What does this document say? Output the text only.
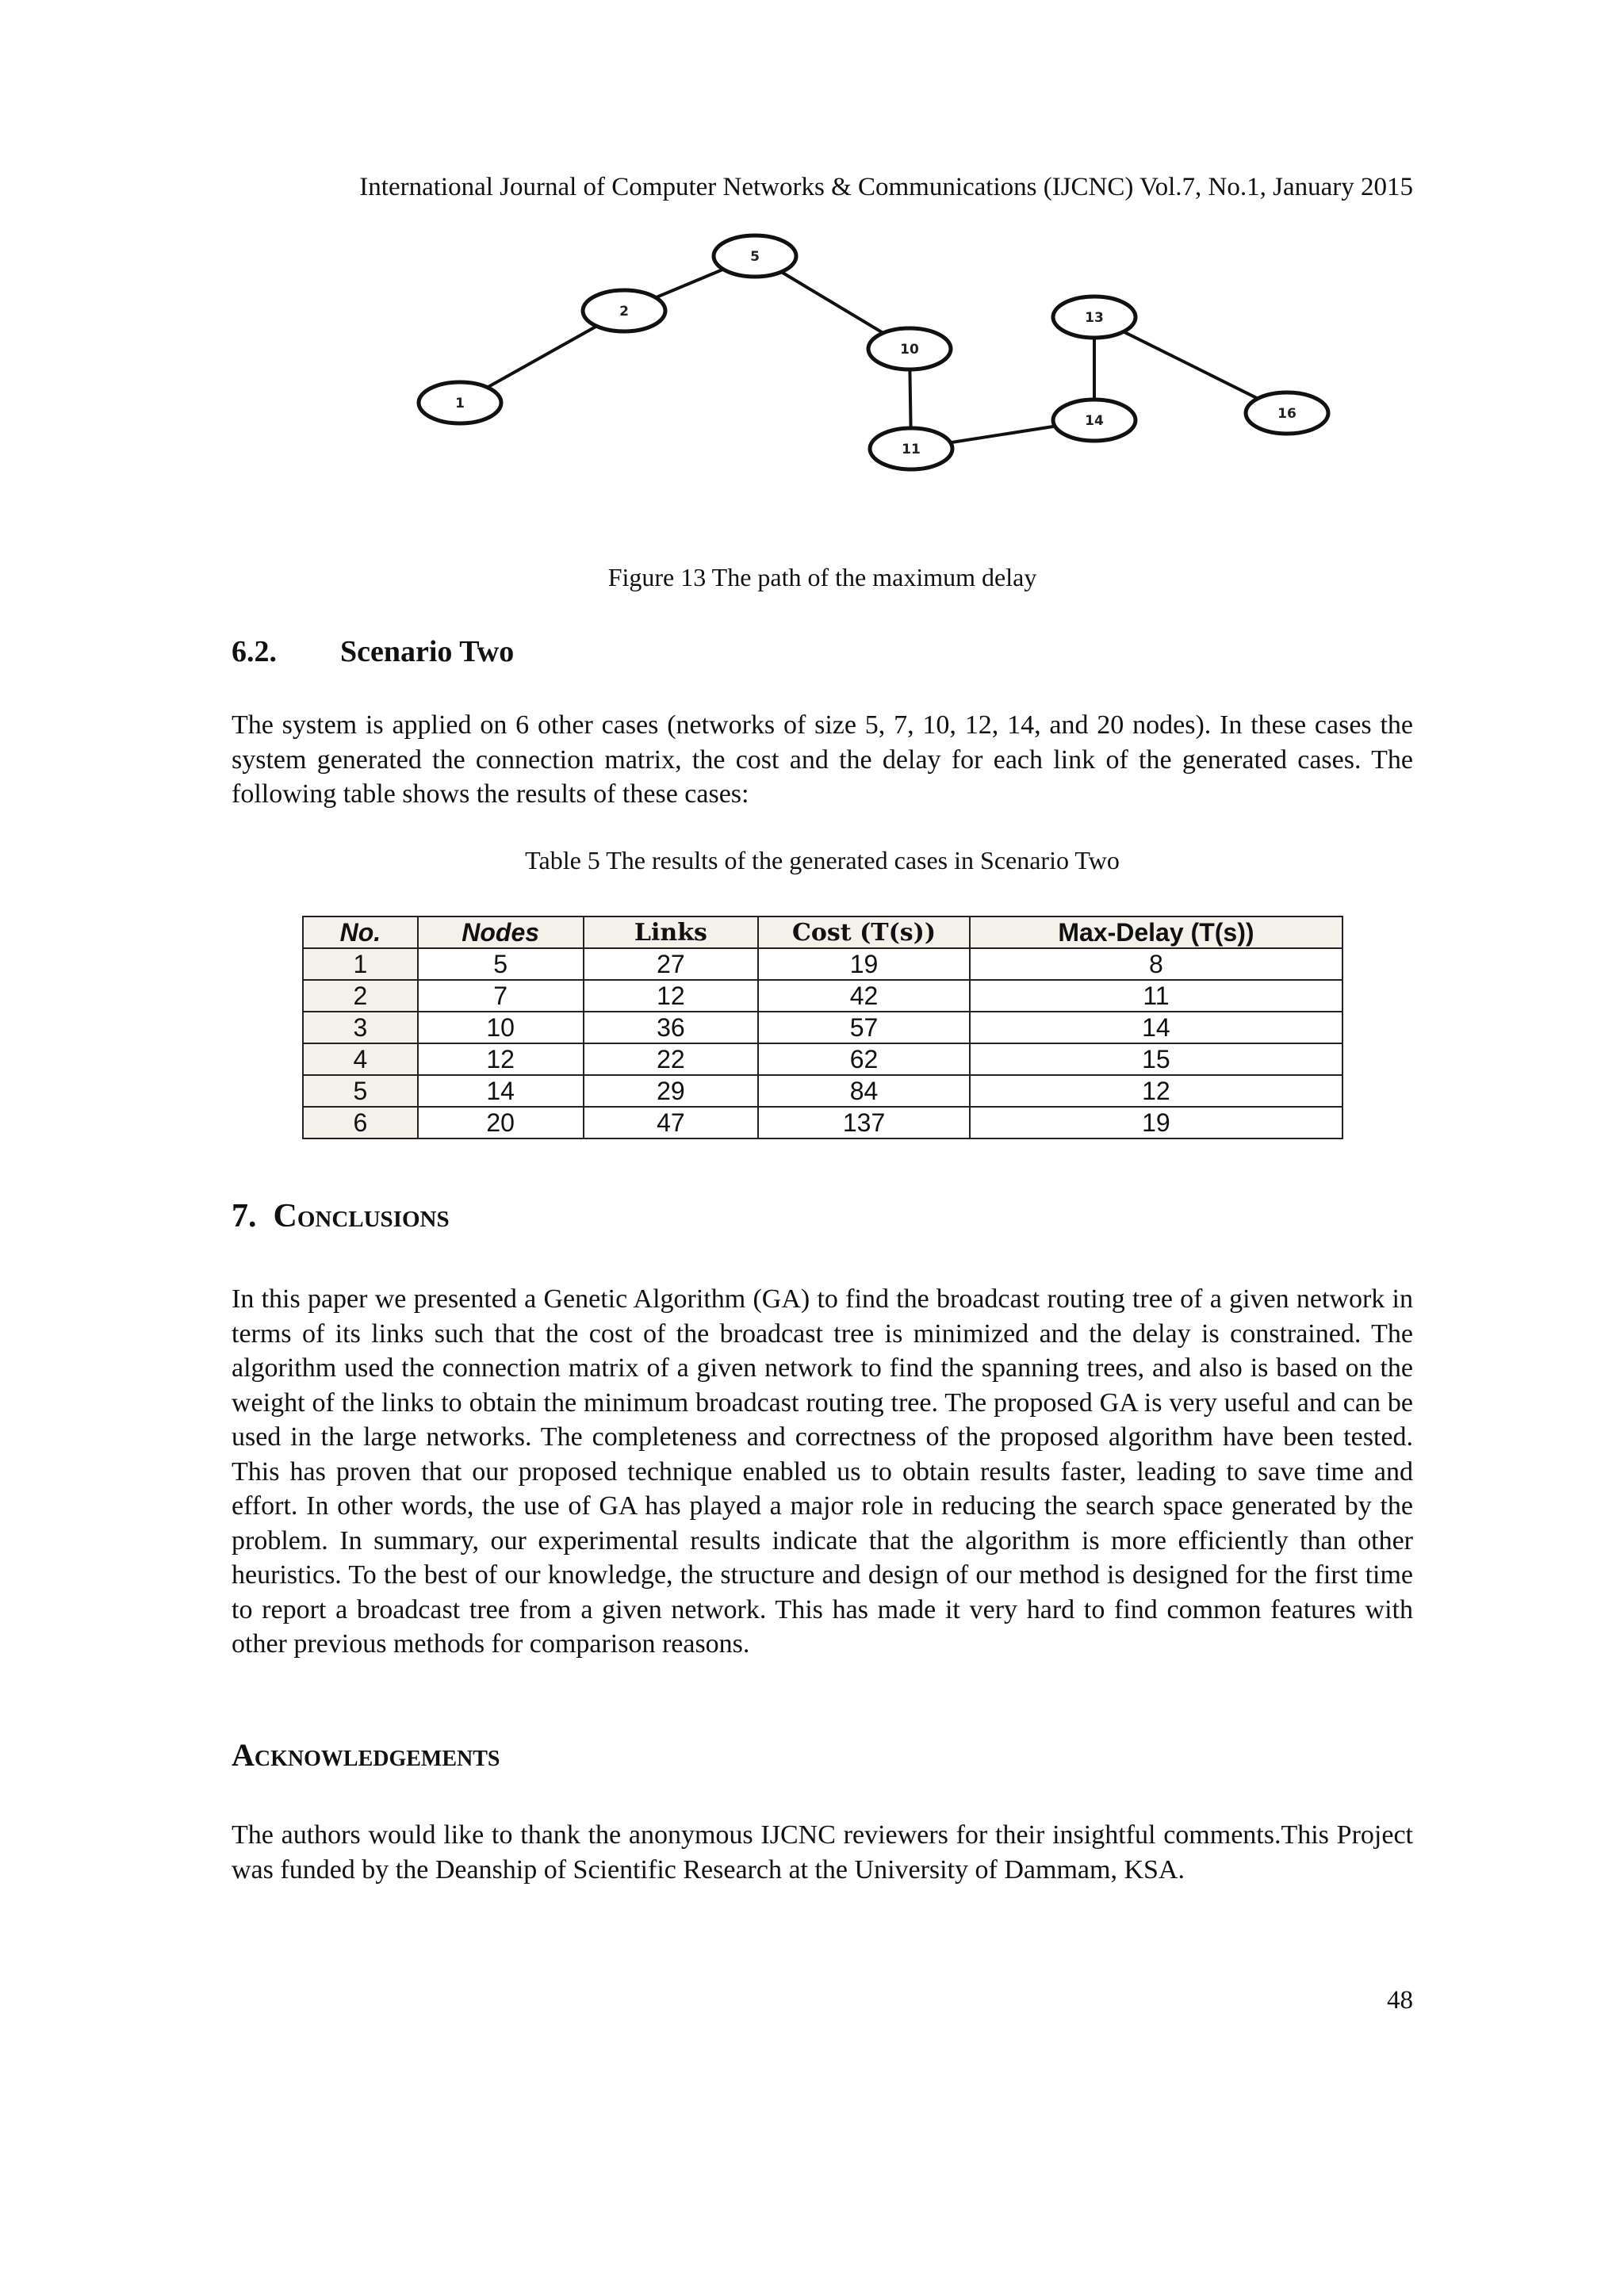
International Journal of Computer Networks & Communications (IJCNC) Vol.7, No.1, January 2015
1
2
5
10
11
14
13
16
Figure 13 The path of the maximum delay
6.2. Scenario Two
The system is applied on 6 other cases (networks of size 5, 7, 10, 12, 14, and 20 nodes). In these cases the system generated the connection matrix, the cost and the delay for each link of the generated cases. The following table shows the results of these cases:
Table 5 The results of the generated cases in Scenario Two
No.	Nodes	Links	Cost (T(s))	Max-Delay (T(s))
1	5	27	19	8
2	7	12	42	11
3	10	36	57	14
4	12	22	62	15
5	14	29	84	12
6	20	47	137	19
7. Conclusions
In this paper we presented a Genetic Algorithm (GA) to find the broadcast routing tree of a given network in terms of its links such that the cost of the broadcast tree is minimized and the delay is constrained. The algorithm used the connection matrix of a given network to find the spanning trees, and also is based on the weight of the links to obtain the minimum broadcast routing tree. The proposed GA is very useful and can be used in the large networks. The completeness and correctness of the proposed algorithm have been tested. This has proven that our proposed technique enabled us to obtain results faster, leading to save time and effort. In other words, the use of GA has played a major role in reducing the search space generated by the problem. In summary, our experimental results indicate that the algorithm is more efficiently than other heuristics. To the best of our knowledge, the structure and design of our method is designed for the first time to report a broadcast tree from a given network. This has made it very hard to find common features with other previous methods for comparison reasons.
Acknowledgements
The authors would like to thank the anonymous IJCNC reviewers for their insightful comments.This Project was funded by the Deanship of Scientific Research at the University of Dammam, KSA.
48
